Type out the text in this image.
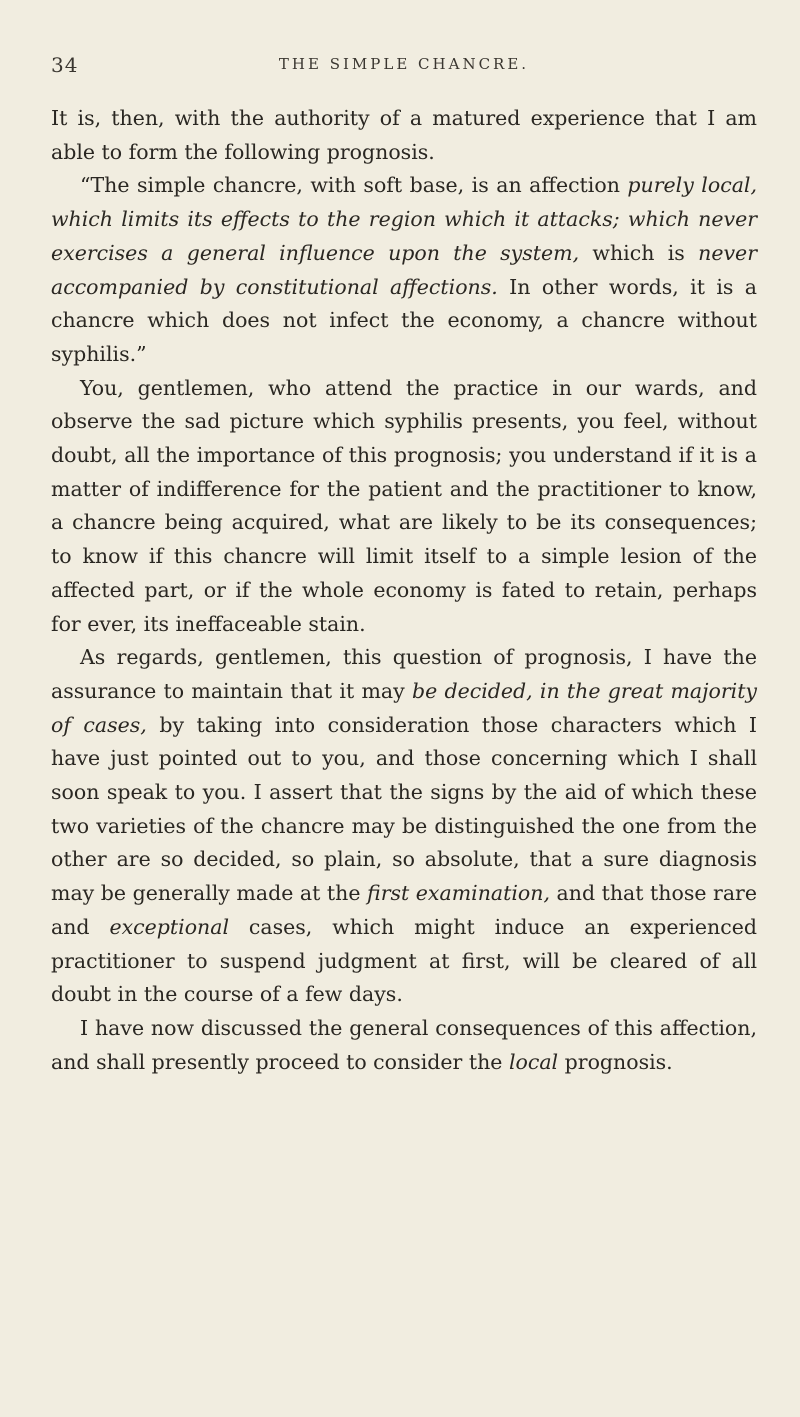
34	THE SIMPLE CHANCRE.

It is, then, with the authority of a matured experience that I am able to form the following prognosis.

“The simple chancre, with soft base, is an affection purely local, which limits its effects to the region which it attacks; which never exercises a general influence upon the system, which is never accompanied by constitutional affections. In other words, it is a chancre which does not infect the economy, a chancre without syphilis.”

You, gentlemen, who attend the practice in our wards, and observe the sad picture which syphilis presents, you feel, without doubt, all the importance of this prognosis; you understand if it is a matter of indifference for the patient and the practitioner to know, a chancre being acquired, what are likely to be its consequences; to know if this chancre will limit itself to a simple lesion of the affected part, or if the whole economy is fated to retain, perhaps for ever, its ineffaceable stain.

As regards, gentlemen, this question of prognosis, I have the assurance to maintain that it may be decided, in the great majority of cases, by taking into consideration those characters which I have just pointed out to you, and those concerning which I shall soon speak to you. I assert that the signs by the aid of which these two varieties of the chancre may be distinguished the one from the other are so decided, so plain, so absolute, that a sure diagnosis may be generally made at the first examination, and that those rare and exceptional cases, which might induce an experienced practitioner to suspend judgment at first, will be cleared of all doubt in the course of a few days.

I have now discussed the general consequences of this affection, and shall presently proceed to consider the local prognosis.
